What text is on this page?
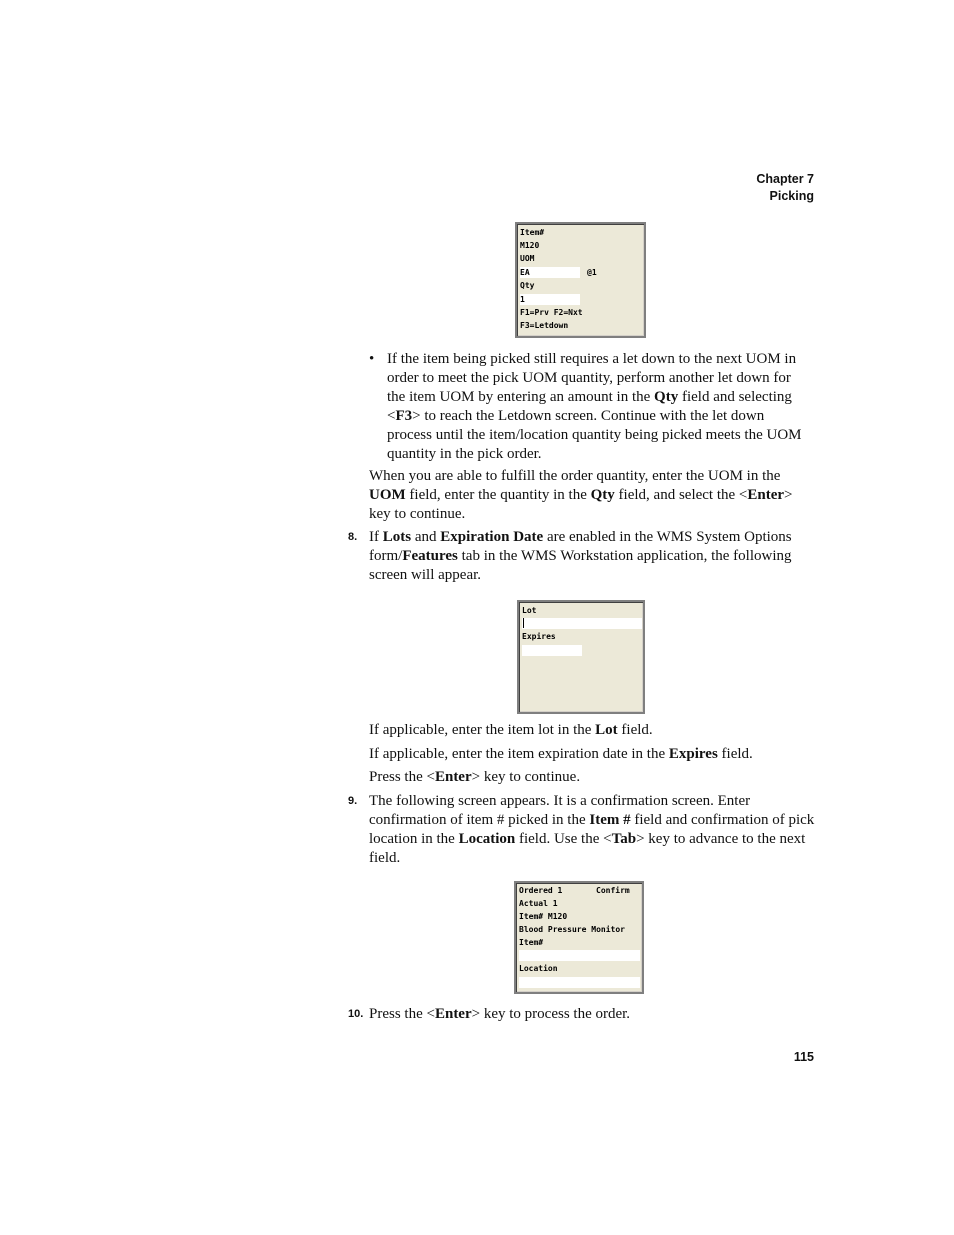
Chapter 7
Picking
Item#
M120
UOM
EA	@1
Qty
1
F1=Prv F2=Nxt
F3=Letdown
• If the item being picked still requires a let down to the next UOM in order to meet the pick UOM quantity, perform another let down for the item UOM by entering an amount in the Qty field and selecting <F3> to reach the Letdown screen. Continue with the let down process until the item/location quantity being picked meets the UOM quantity in the pick order.
When you are able to fulfill the order quantity, enter the UOM in the UOM field, enter the quantity in the Qty field, and select the <Enter> key to continue.
8. If Lots and Expiration Date are enabled in the WMS System Options form/Features tab in the WMS Workstation application, the following screen will appear.
Lot
Expires
If applicable, enter the item lot in the Lot field.
If applicable, enter the item expiration date in the Expires field.
Press the <Enter> key to continue.
9. The following screen appears. It is a confirmation screen. Enter confirmation of item # picked in the Item # field and confirmation of pick location in the Location field. Use the <Tab> key to advance to the next field.
Ordered 1	Confirm
Actual 1
Item# M120
Blood Pressure Monitor
Item#
Location
10. Press the <Enter> key to process the order.
115
